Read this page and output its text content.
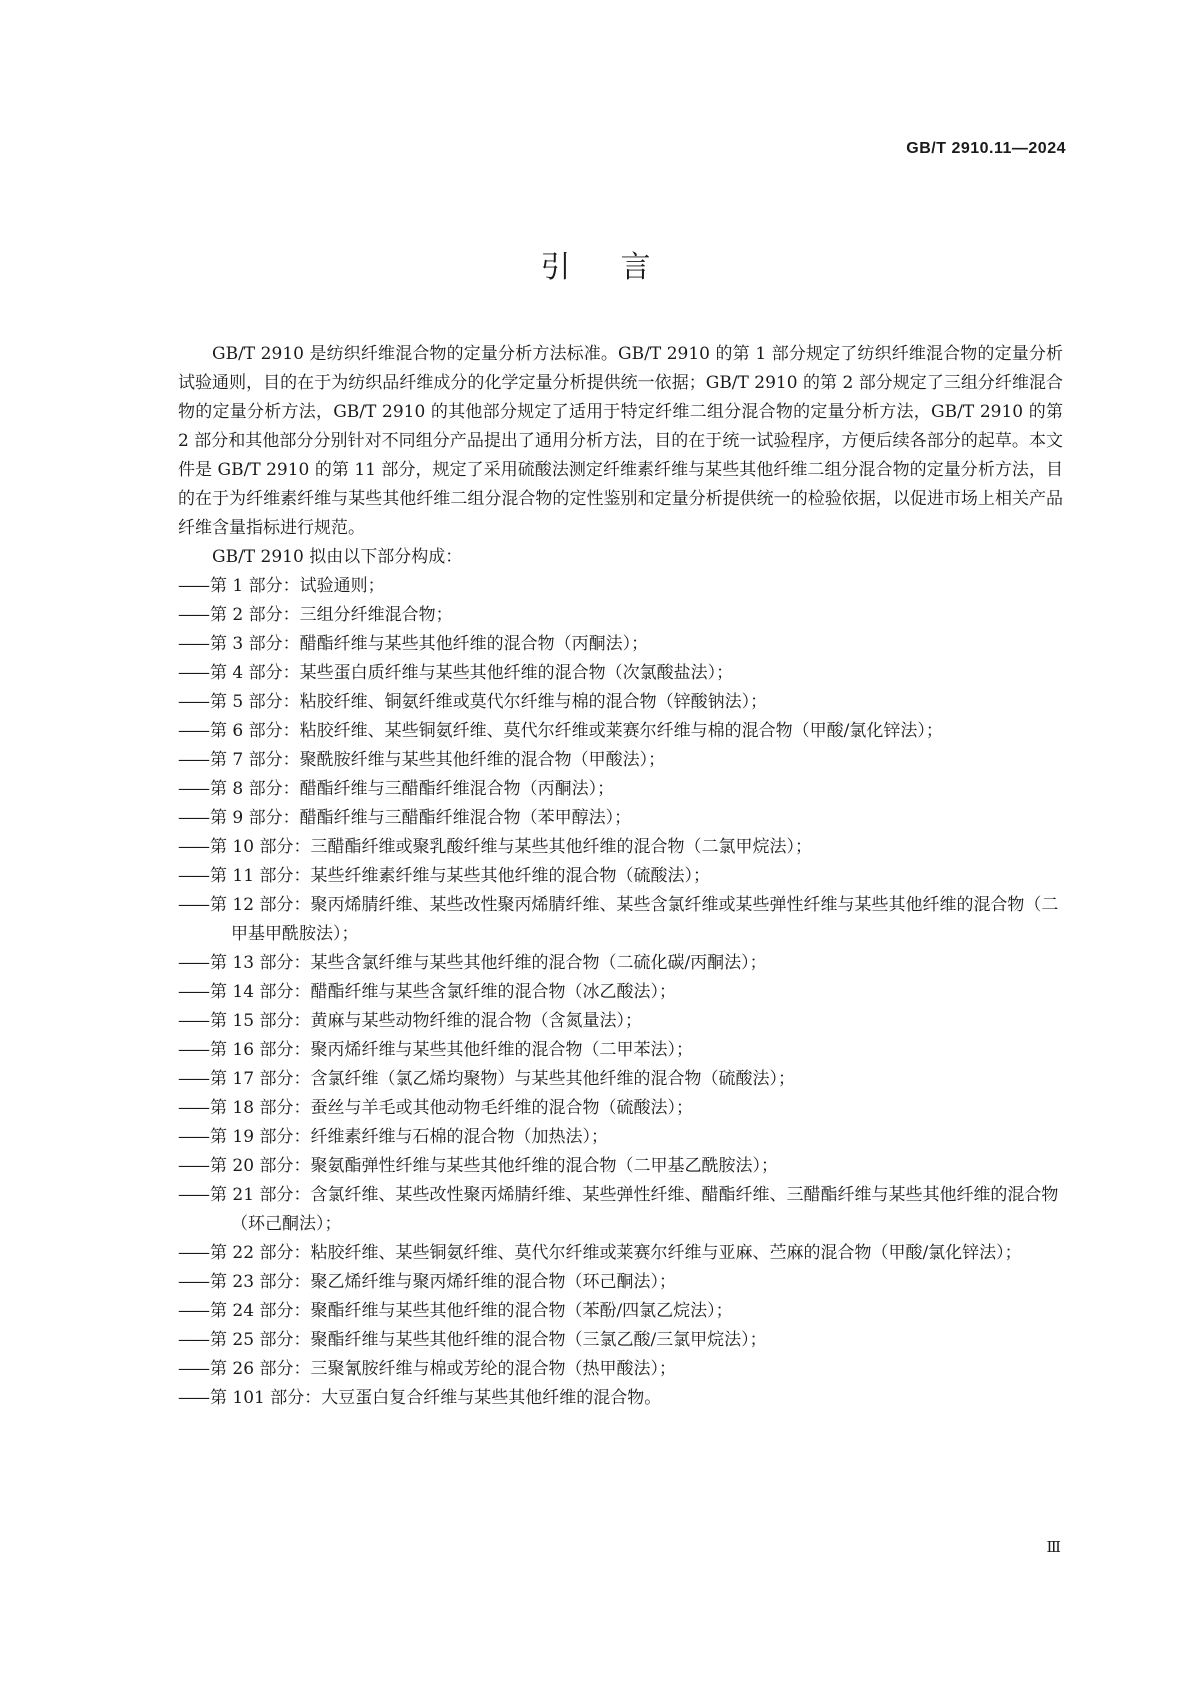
GB/T 2910.11—2024
引言

GB/T 2910 是纺织纤维混合物的定量分析方法标准。GB/T 2910 的第 1 部分规定了纺织纤维混合物的定量分析试验通则，目的在于为纺织品纤维成分的化学定量分析提供统一依据；GB/T 2910 的第 2 部分规定了三组分纤维混合物的定量分析方法，GB/T 2910 的其他部分规定了适用于特定纤维二组分混合物的定量分析方法，GB/T 2910 的第 2 部分和其他部分分别针对不同组分产品提出了通用分析方法，目的在于统一试验程序，方便后续各部分的起草。本文件是 GB/T 2910 的第 11 部分，规定了采用硫酸法测定纤维素纤维与某些其他纤维二组分混合物的定量分析方法，目的在于为纤维素纤维与某些其他纤维二组分混合物的定性鉴别和定量分析提供统一的检验依据，以促进市场上相关产品纤维含量指标进行规范。

GB/T 2910 拟由以下部分构成：

—— 第 1 部分：试验通则；
—— 第 2 部分：三组分纤维混合物；
—— 第 3 部分：醋酯纤维与某些其他纤维的混合物（丙酮法）；
—— 第 4 部分：某些蛋白质纤维与某些其他纤维的混合物（次氯酸盐法）；
—— 第 5 部分：粘胶纤维、铜氨纤维或莫代尔纤维与棉的混合物（锌酸钠法）；
—— 第 6 部分：粘胶纤维、某些铜氨纤维、莫代尔纤维或莱赛尔纤维与棉的混合物（甲酸/氯化锌法）；
—— 第 7 部分：聚酰胺纤维与某些其他纤维的混合物（甲酸法）；
—— 第 8 部分：醋酯纤维与三醋酯纤维混合物（丙酮法）；
—— 第 9 部分：醋酯纤维与三醋酯纤维混合物（苯甲醇法）；
—— 第 10 部分：三醋酯纤维或聚乳酸纤维与某些其他纤维的混合物（二氯甲烷法）；
—— 第 11 部分：某些纤维素纤维与某些其他纤维的混合物（硫酸法）；
—— 第 12 部分：聚丙烯腈纤维、某些改性聚丙烯腈纤维、某些含氯纤维或某些弹性纤维与某些其他纤维的混合物（二甲基甲酰胺法）；
—— 第 13 部分：某些含氯纤维与某些其他纤维的混合物（二硫化碳/丙酮法）；
—— 第 14 部分：醋酯纤维与某些含氯纤维的混合物（冰乙酸法）；
—— 第 15 部分：黄麻与某些动物纤维的混合物（含氮量法）；
—— 第 16 部分：聚丙烯纤维与某些其他纤维的混合物（二甲苯法）；
—— 第 17 部分：含氯纤维（氯乙烯均聚物）与某些其他纤维的混合物（硫酸法）；
—— 第 18 部分：蚕丝与羊毛或其他动物毛纤维的混合物（硫酸法）；
—— 第 19 部分：纤维素纤维与石棉的混合物（加热法）；
—— 第 20 部分：聚氨酯弹性纤维与某些其他纤维的混合物（二甲基乙酰胺法）；
—— 第 21 部分：含氯纤维、某些改性聚丙烯腈纤维、某些弹性纤维、醋酯纤维、三醋酯纤维与某些其他纤维的混合物（环己酮法）；
—— 第 22 部分：粘胶纤维、某些铜氨纤维、莫代尔纤维或莱赛尔纤维与亚麻、苎麻的混合物（甲酸/氯化锌法）；
—— 第 23 部分：聚乙烯纤维与聚丙烯纤维的混合物（环己酮法）；
—— 第 24 部分：聚酯纤维与某些其他纤维的混合物（苯酚/四氯乙烷法）；
—— 第 25 部分：聚酯纤维与某些其他纤维的混合物（三氯乙酸/三氯甲烷法）；
—— 第 26 部分：三聚氰胺纤维与棉或芳纶的混合物（热甲酸法）；
—— 第 101 部分：大豆蛋白复合纤维与某些其他纤维的混合物。
Ⅲ
